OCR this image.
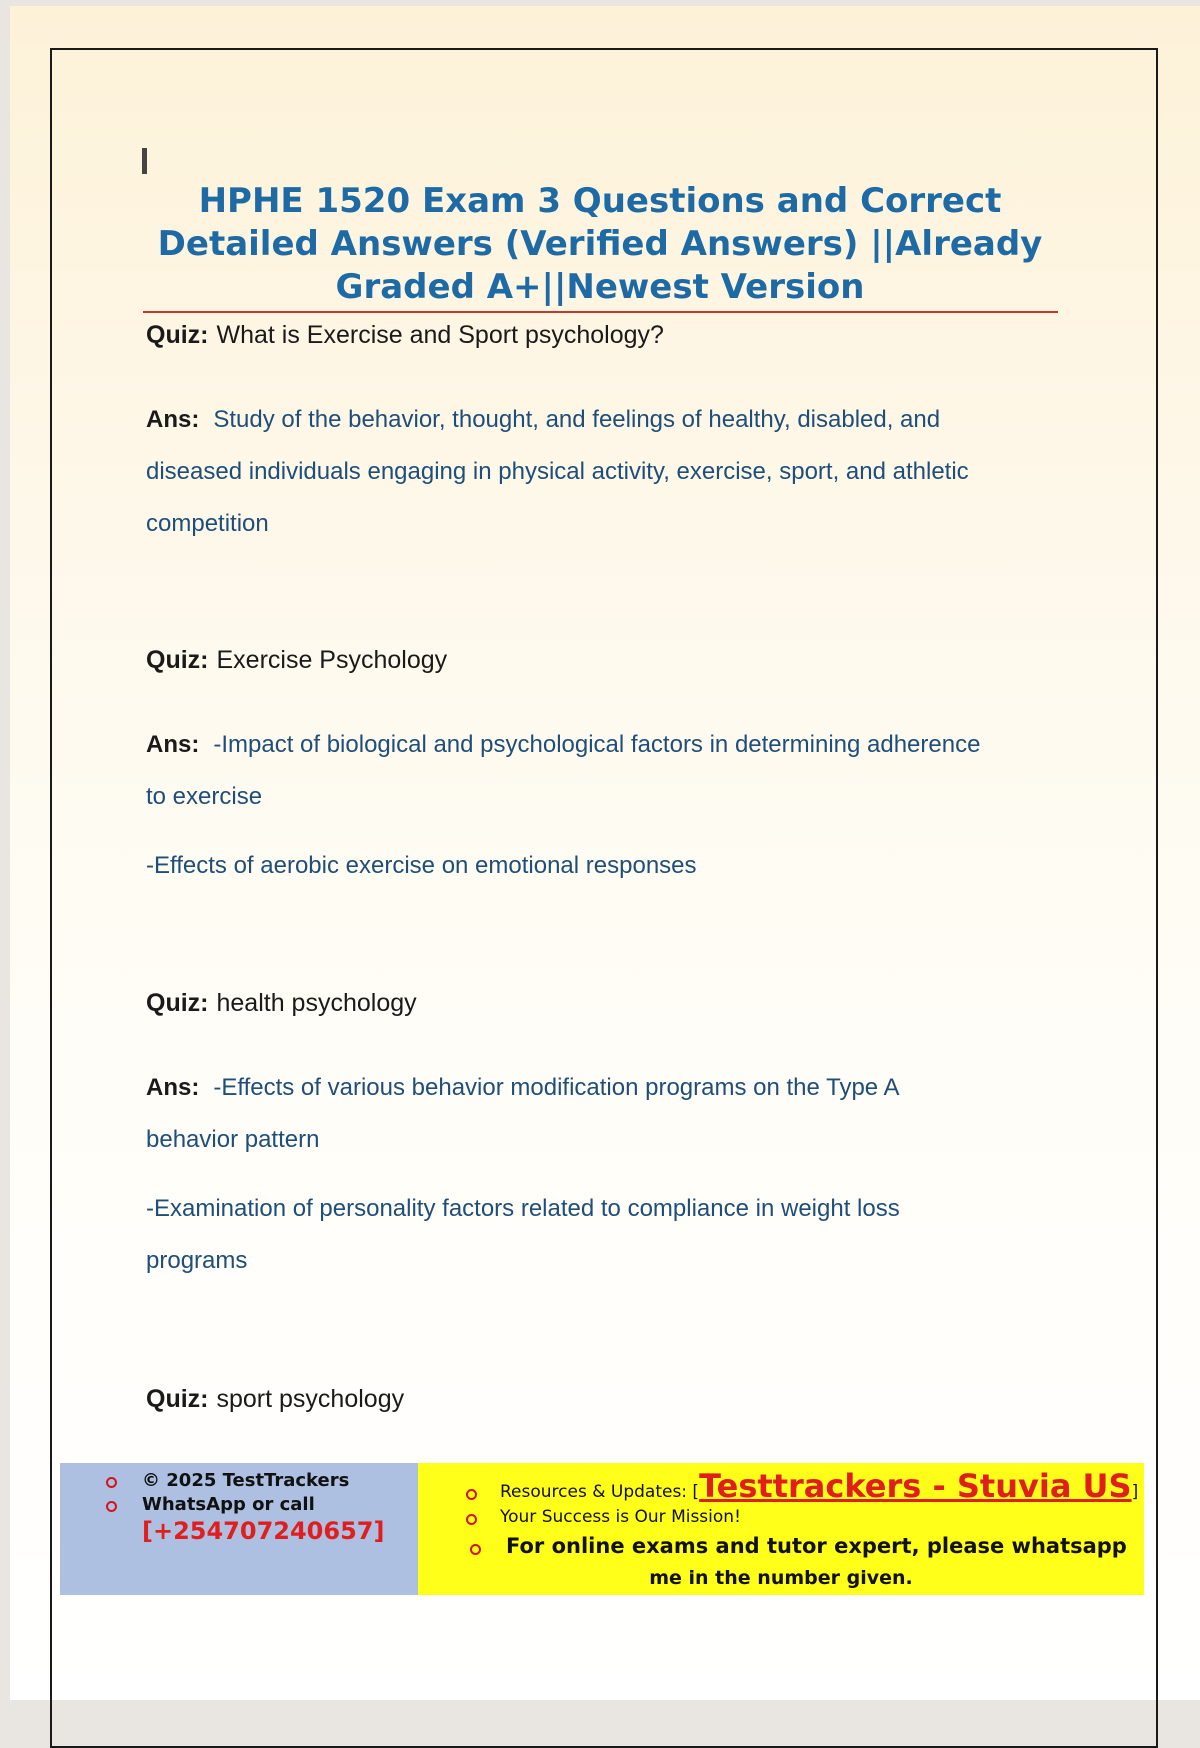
HPHE 1520 Exam 3 Questions and Correct Detailed Answers (Verified Answers) ||Already Graded A+||Newest Version
Quiz: What is Exercise and Sport psychology?
Ans: Study of the behavior, thought, and feelings of healthy, disabled, and
diseased individuals engaging in physical activity, exercise, sport, and athletic
competition
Quiz: Exercise Psychology
Ans: -Impact of biological and psychological factors in determining adherence
to exercise
-Effects of aerobic exercise on emotional responses
Quiz: health psychology
Ans: -Effects of various behavior modification programs on the Type A
behavior pattern
-Examination of personality factors related to compliance in weight loss
programs
Quiz: sport psychology
© 2025 TestTrackers
WhatsApp or call
[+254707240657]
Resources & Updates: [Testtrackers - Stuvia US]
Your Success is Our Mission!
For online exams and tutor expert, please whatsapp
me in the number given.
